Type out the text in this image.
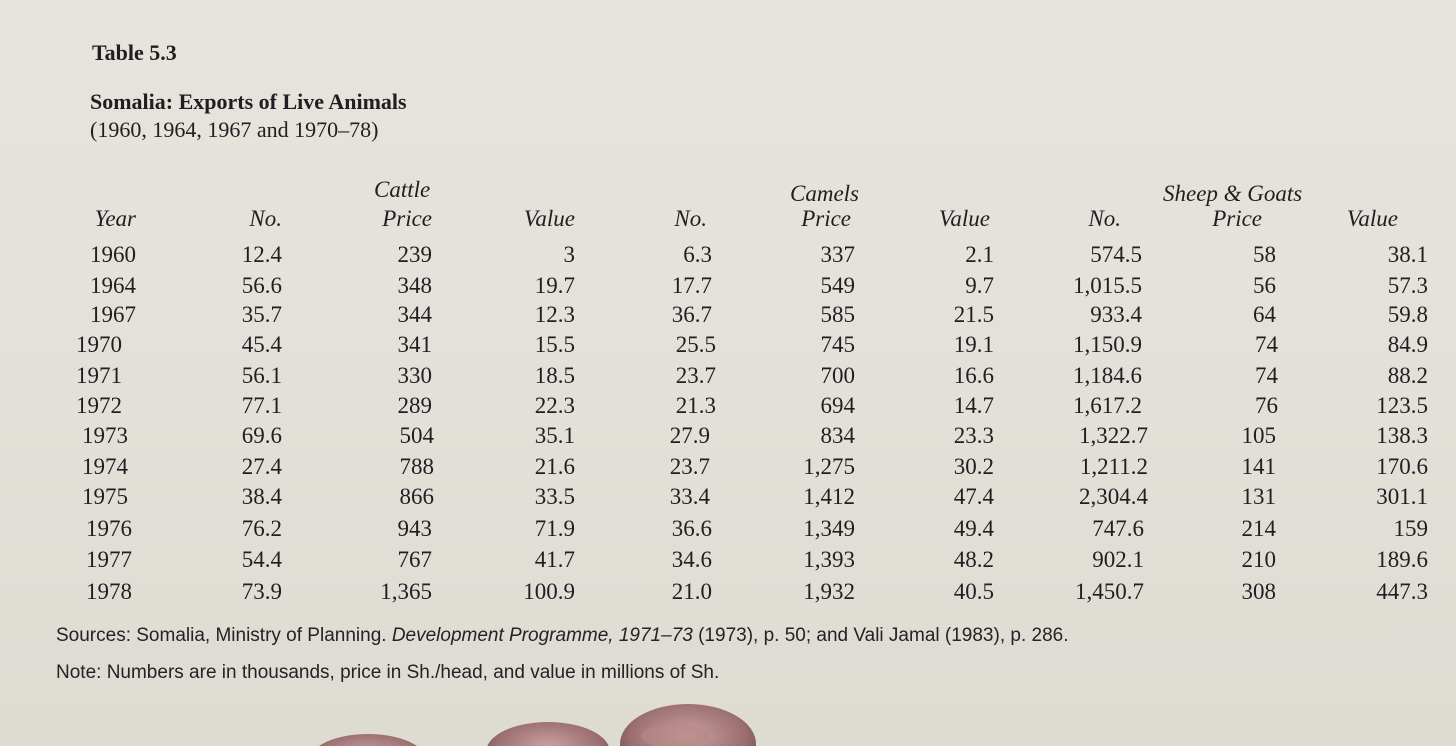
Table 5.3
Somalia: Exports of Live Animals
(1960, 1964, 1967 and 1970–78)
Cattle	Camels	Sheep & Goats
Year	No.	Price	Value	No.	Price	Value	No.	Price	Value
1960	12.4	239	3	6.3	337	2.1	574.5	58	38.1
1964	56.6	348	19.7	17.7	549	9.7	1,015.5	56	57.3
1967	35.7	344	12.3	36.7	585	21.5	933.4	64	59.8
1970	45.4	341	15.5	25.5	745	19.1	1,150.9	74	84.9
1971	56.1	330	18.5	23.7	700	16.6	1,184.6	74	88.2
1972	77.1	289	22.3	21.3	694	14.7	1,617.2	76	123.5
1973	69.6	504	35.1	27.9	834	23.3	1,322.7	105	138.3
1974	27.4	788	21.6	23.7	1,275	30.2	1,211.2	141	170.6
1975	38.4	866	33.5	33.4	1,412	47.4	2,304.4	131	301.1
1976	76.2	943	71.9	36.6	1,349	49.4	747.6	214	159
1977	54.4	767	41.7	34.6	1,393	48.2	902.1	210	189.6
1978	73.9	1,365	100.9	21.0	1,932	40.5	1,450.7	308	447.3
Sources: Somalia, Ministry of Planning. Development Programme, 1971–73 (1973), p. 50; and Vali Jamal (1983), p. 286.
Note: Numbers are in thousands, price in Sh./head, and value in millions of Sh.
